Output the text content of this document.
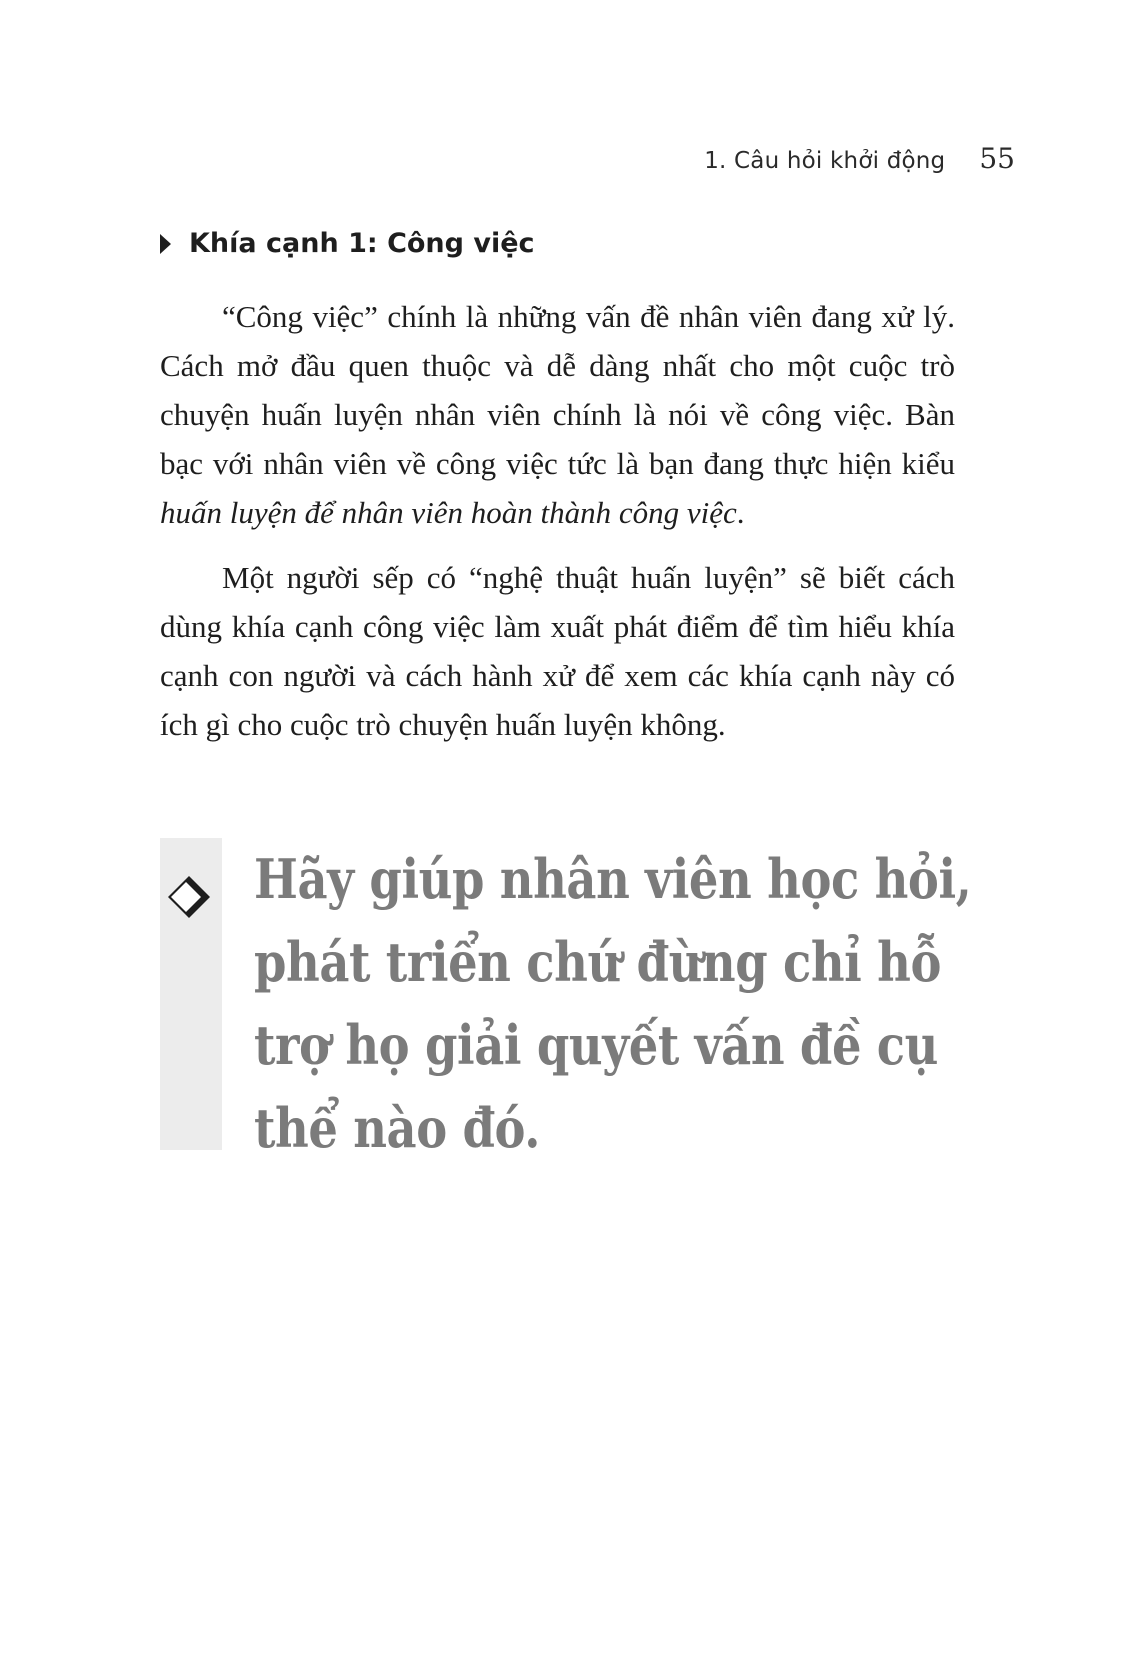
1. Câu hỏi khởi động 55
Khía cạnh 1: Công việc

“Công việc” chính là những vấn đề nhân viên đang xử lý. Cách mở đầu quen thuộc và dễ dàng nhất cho một cuộc trò chuyện huấn luyện nhân viên chính là nói về công việc. Bàn bạc với nhân viên về công việc tức là bạn đang thực hiện kiểu huấn luyện để nhân viên hoàn thành công việc.

Một người sếp có “nghệ thuật huấn luyện” sẽ biết cách dùng khía cạnh công việc làm xuất phát điểm để tìm hiểu khía cạnh con người và cách hành xử để xem các khía cạnh này có ích gì cho cuộc trò chuyện huấn luyện không.

Hãy giúp nhân viên học hỏi,
phát triển chứ đừng chỉ hỗ
trợ họ giải quyết vấn đề cụ
thể nào đó.
